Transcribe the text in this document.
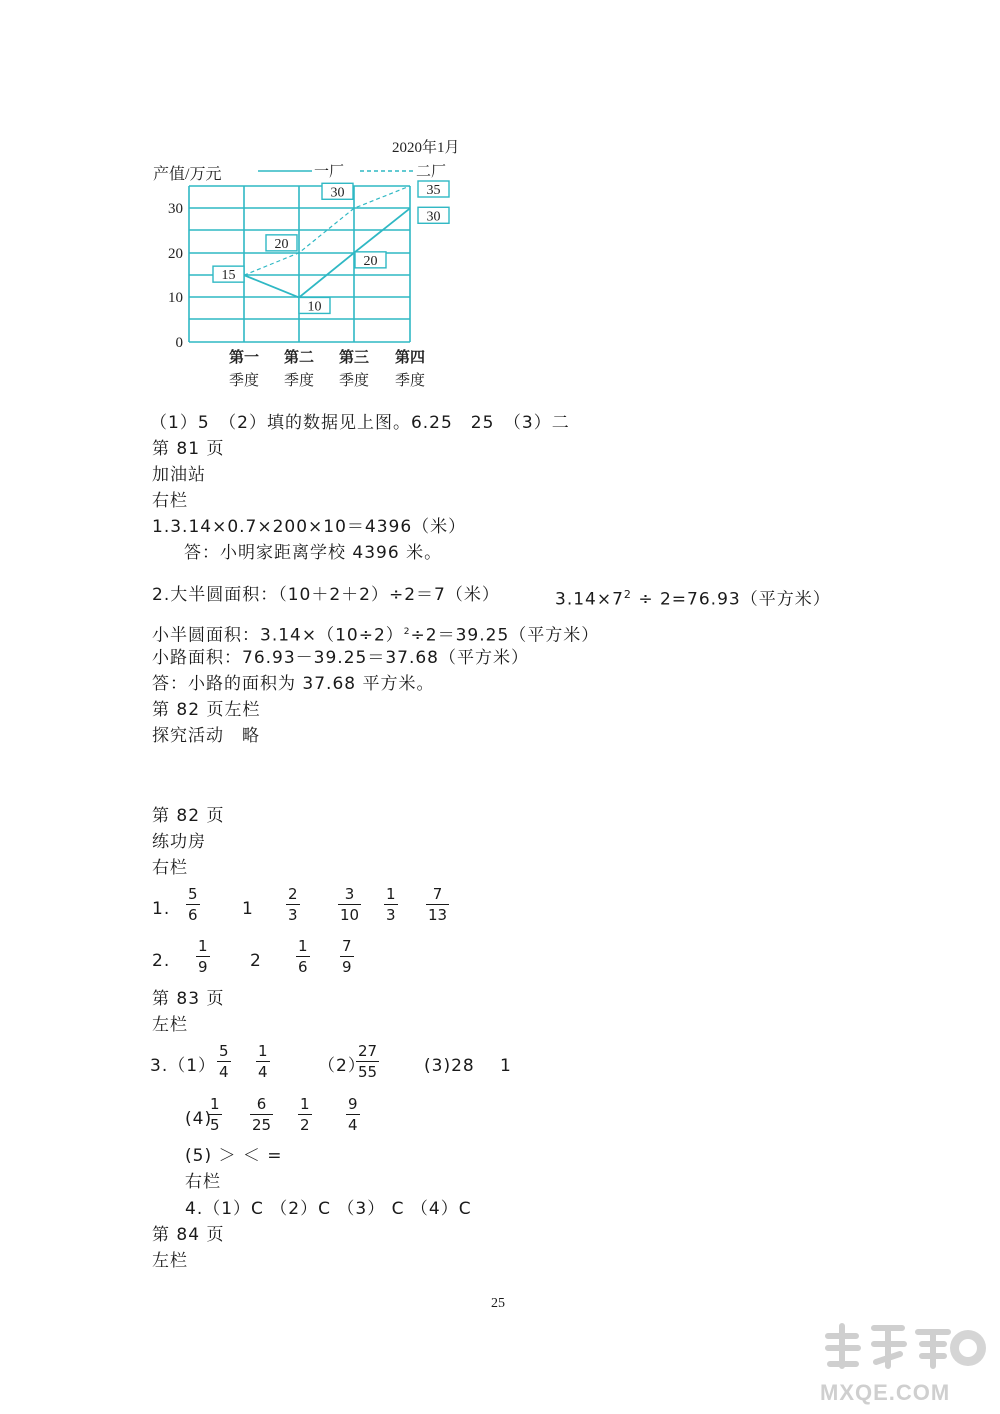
30
20
10
0
2020年1月
产值/万元	一厂	二厂
第一
季度
第二
季度
第三
季度
第四
季度
15
10
20
30
20
30	35
（1）5　（2）填的数据见上图。6.25　25　（3）二
第 81 页
加油站
右栏
1.3.14×0.7×200×10＝4396（米）
答：小明家距离学校 4396 米。
2.大半圆面积：（10＋2＋2）÷2＝7（米）	$3.14\times 7^2 \div 2=76.93$（平方米）
小半圆面积：$3.14\times(10\div 2)^2\div 2=39.25$（平方米）
小路面积：76.93－39.25＝37.68（平方米）
答：小路的面积为 37.68 平方米。
第 82 页左栏
探究活动　略
第 82 页
练功房
右栏
1.
5
6	1
2
3
3
10
1
3
7
13
2.
1
9 2
1
6
7
9
第 83 页
左栏
3.（1）
5
4
1
4	（2）
27
55	(3)28 1
(4)
1
5
6
25
1
2
9
4
(5) ＞ ＜ =
右栏
4.（1）C （2）C （3） C （4）C
第 84 页
左栏
25
MXQE.COM
